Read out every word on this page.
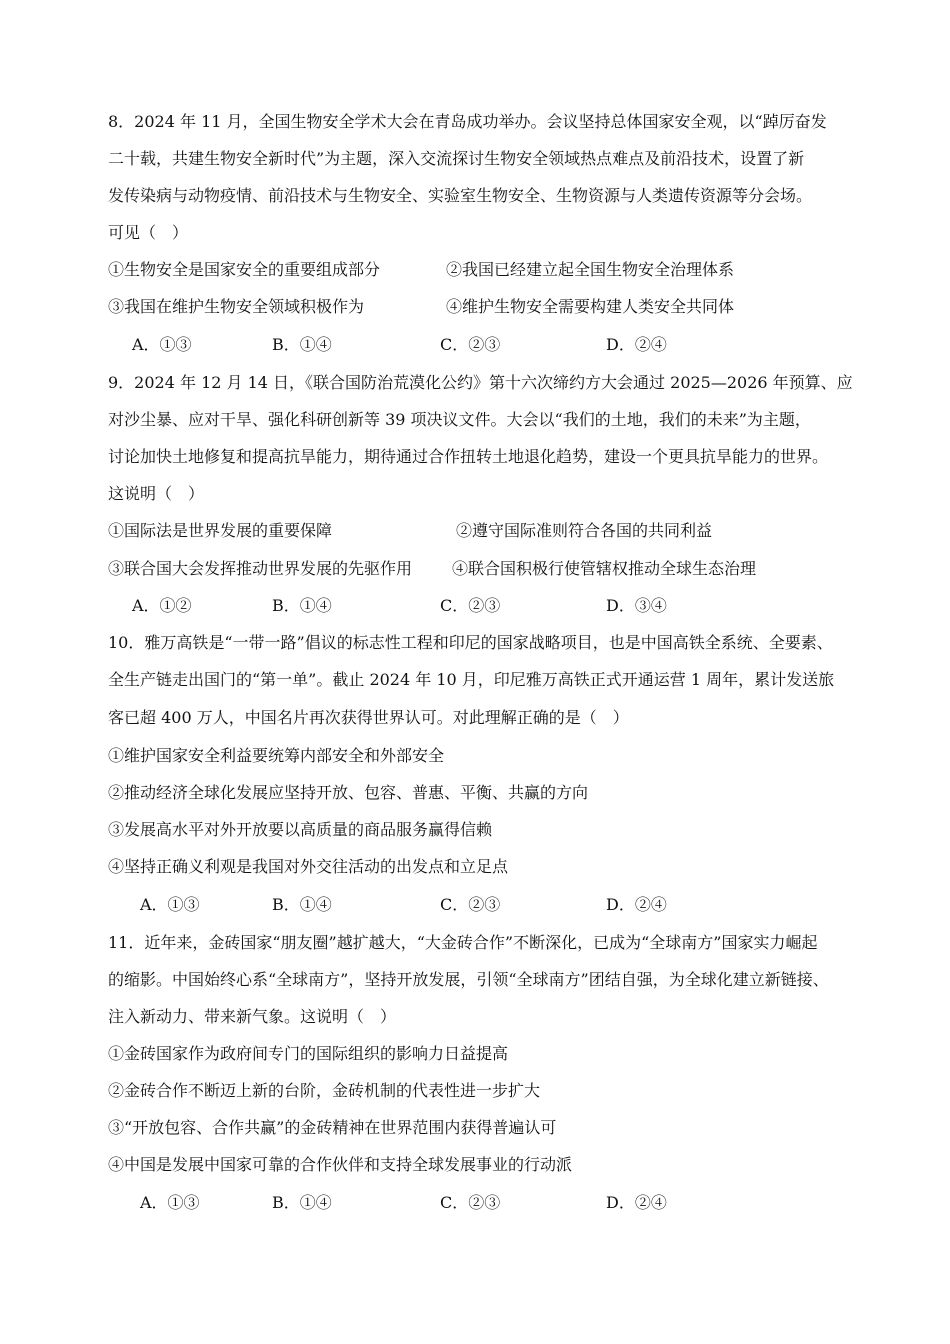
8．2024 年 11 月，全国生物安全学术大会在青岛成功举办。会议坚持总体国家安全观，以“踔厉奋发
二十载，共建生物安全新时代”为主题，深入交流探讨生物安全领域热点难点及前沿技术，设置了新
发传染病与动物疫情、前沿技术与生物安全、实验室生物安全、生物资源与人类遗传资源等分会场。
可见（　）
①生物安全是国家安全的重要组成部分	②我国已经建立起全国生物安全治理体系
③我国在维护生物安全领域积极作为	④维护生物安全需要构建人类安全共同体
A．①③	B．①④	C．②③	D．②④
9．2024 年 12 月 14 日，《联合国防治荒漠化公约》第十六次缔约方大会通过 2025—2026 年预算、应
对沙尘暴、应对干旱、强化科研创新等 39 项决议文件。大会以“我们的土地，我们的未来”为主题，
讨论加快土地修复和提高抗旱能力，期待通过合作扭转土地退化趋势，建设一个更具抗旱能力的世界。
这说明（　）
①国际法是世界发展的重要保障	②遵守国际准则符合各国的共同利益
③联合国大会发挥推动世界发展的先驱作用 ④联合国积极行使管辖权推动全球生态治理
A．①②	B．①④	C．②③	D．③④
10．雅万高铁是“一带一路”倡议的标志性工程和印尼的国家战略项目，也是中国高铁全系统、全要素、
全生产链走出国门的“第一单”。截止 2024 年 10 月，印尼雅万高铁正式开通运营 1 周年，累计发送旅
客已超 400 万人，中国名片再次获得世界认可。对此理解正确的是（　）
①维护国家安全利益要统筹内部安全和外部安全
②推动经济全球化发展应坚持开放、包容、普惠、平衡、共赢的方向
③发展高水平对外开放要以高质量的商品服务赢得信赖
④坚持正确义利观是我国对外交往活动的出发点和立足点
A．①③	B．①④	C．②③	D．②④
11．近年来，金砖国家“朋友圈”越扩越大，“大金砖合作”不断深化，已成为“全球南方”国家实力崛起
的缩影。中国始终心系“全球南方”，坚持开放发展，引领“全球南方”团结自强，为全球化建立新链接、
注入新动力、带来新气象。这说明（　）
①金砖国家作为政府间专门的国际组织的影响力日益提高
②金砖合作不断迈上新的台阶，金砖机制的代表性进一步扩大
③“开放包容、合作共赢”的金砖精神在世界范围内获得普遍认可
④中国是发展中国家可靠的合作伙伴和支持全球发展事业的行动派
A．①③	B．①④	C．②③	D．②④
